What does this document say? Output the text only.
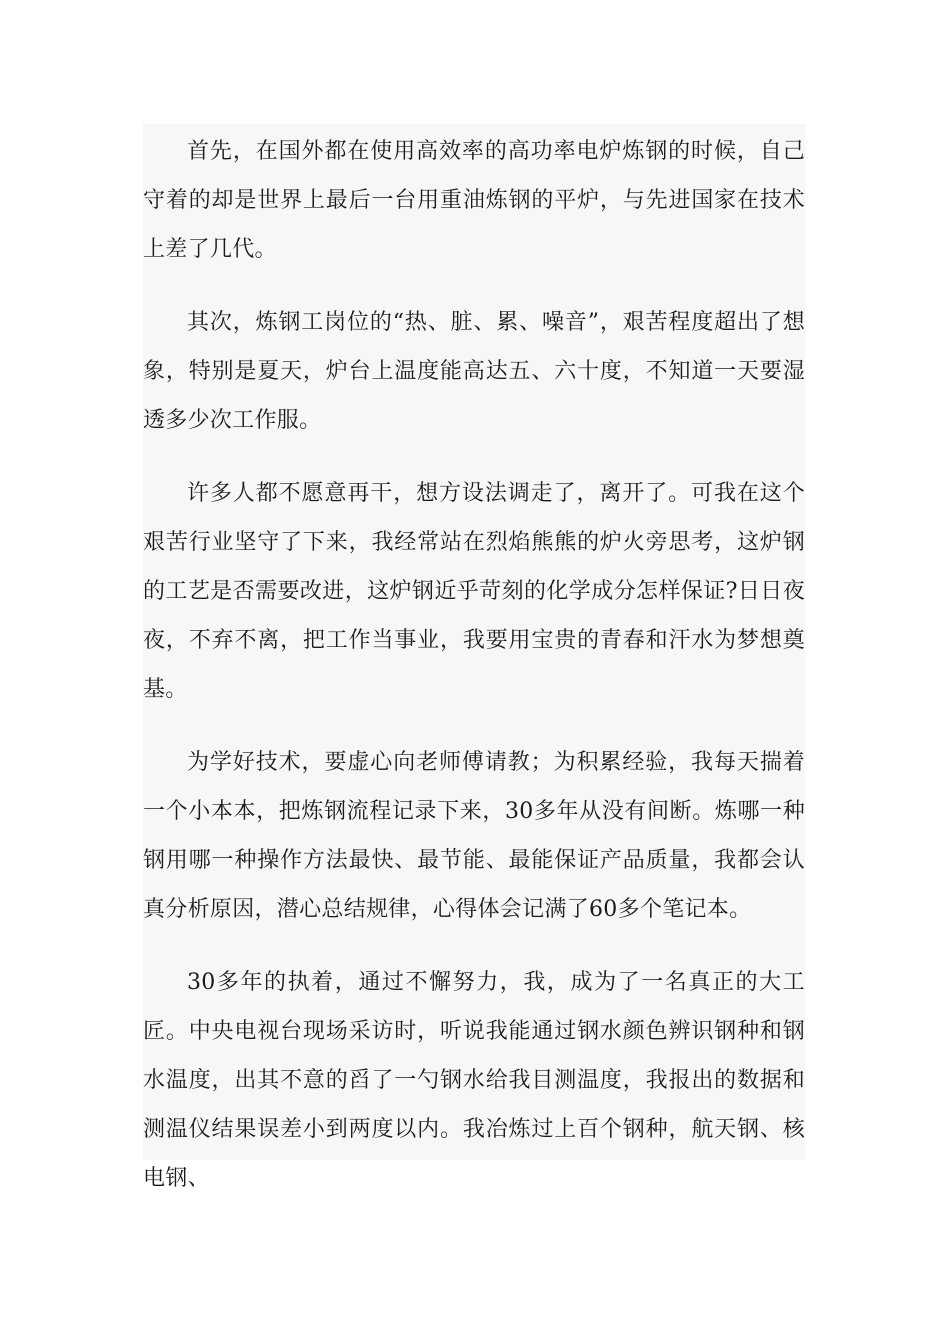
首先，在国外都在使用高效率的高功率电炉炼钢的时候，自己守着的却是世界上最后一台用重油炼钢的平炉，与先进国家在技术上差了几代。

其次，炼钢工岗位的“热、脏、累、噪音”，艰苦程度超出了想象，特别是夏天，炉台上温度能高达五、六十度，不知道一天要湿透多少次工作服。

许多人都不愿意再干，想方设法调走了，离开了。可我在这个艰苦行业坚守了下来，我经常站在烈焰熊熊的炉火旁思考，这炉钢的工艺是否需要改进，这炉钢近乎苛刻的化学成分怎样保证?日日夜夜，不弃不离，把工作当事业，我要用宝贵的青春和汗水为梦想奠基。

为学好技术，要虚心向老师傅请教；为积累经验，我每天揣着一个小本本，把炼钢流程记录下来，30多年从没有间断。炼哪一种钢用哪一种操作方法最快、最节能、最能保证产品质量，我都会认真分析原因，潜心总结规律，心得体会记满了60多个笔记本。

30多年的执着，通过不懈努力，我，成为了一名真正的大工匠。中央电视台现场采访时，听说我能通过钢水颜色辨识钢种和钢水温度，出其不意的舀了一勺钢水给我目测温度，我报出的数据和测温仪结果误差小到两度以内。我冶炼过上百个钢种，航天钢、核电钢、
